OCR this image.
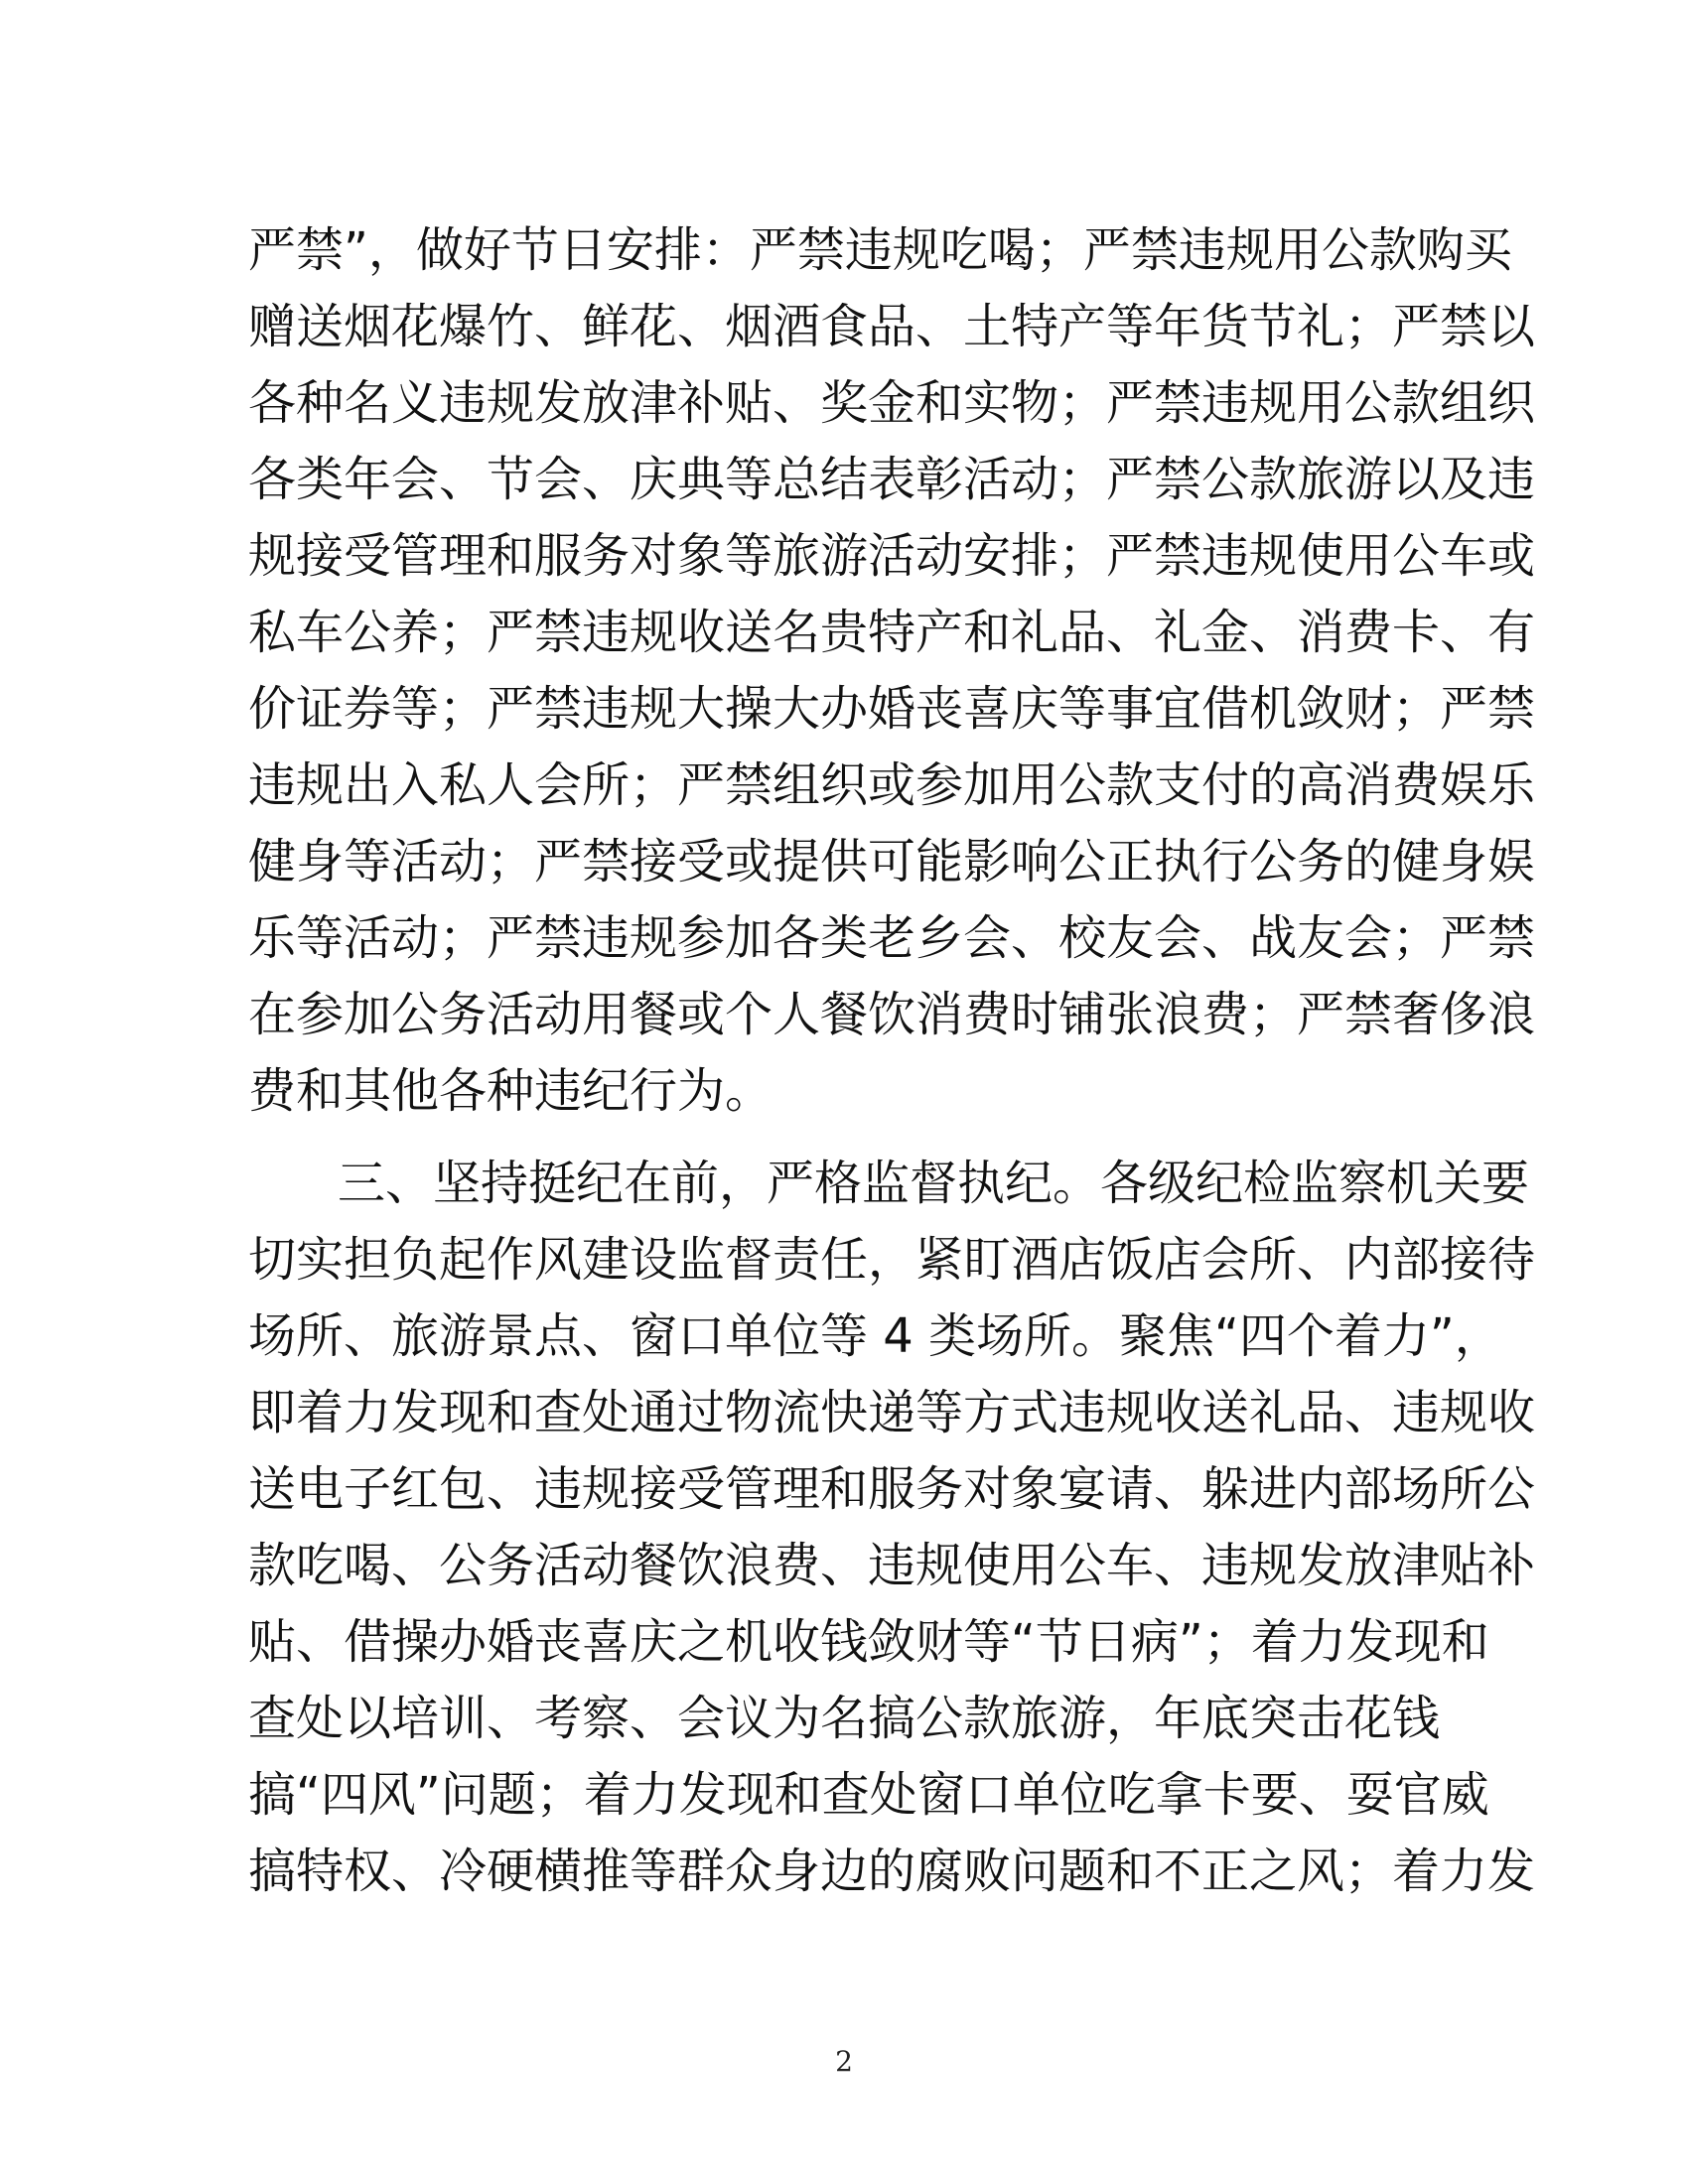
严禁”，做好节日安排：严禁违规吃喝；严禁违规用公款购买
赠送烟花爆竹、鲜花、烟酒食品、土特产等年货节礼；严禁以
各种名义违规发放津补贴、奖金和实物；严禁违规用公款组织
各类年会、节会、庆典等总结表彰活动；严禁公款旅游以及违
规接受管理和服务对象等旅游活动安排；严禁违规使用公车或
私车公养；严禁违规收送名贵特产和礼品、礼金、消费卡、有
价证券等；严禁违规大操大办婚丧喜庆等事宜借机敛财；严禁
违规出入私人会所；严禁组织或参加用公款支付的高消费娱乐
健身等活动；严禁接受或提供可能影响公正执行公务的健身娱
乐等活动；严禁违规参加各类老乡会、校友会、战友会；严禁
在参加公务活动用餐或个人餐饮消费时铺张浪费；严禁奢侈浪
费和其他各种违纪行为。
三、坚持挺纪在前，严格监督执纪。各级纪检监察机关要
切实担负起作风建设监督责任，紧盯酒店饭店会所、内部接待
场所、旅游景点、窗口单位等 4 类场所。聚焦“四个着力”，
即着力发现和查处通过物流快递等方式违规收送礼品、违规收
送电子红包、违规接受管理和服务对象宴请、躲进内部场所公
款吃喝、公务活动餐饮浪费、违规使用公车、违规发放津贴补
贴、借操办婚丧喜庆之机收钱敛财等“节日病”；着力发现和
查处以培训、考察、会议为名搞公款旅游，年底突击花钱
搞“四风”问题；着力发现和查处窗口单位吃拿卡要、耍官威
搞特权、冷硬横推等群众身边的腐败问题和不正之风；着力发
2
